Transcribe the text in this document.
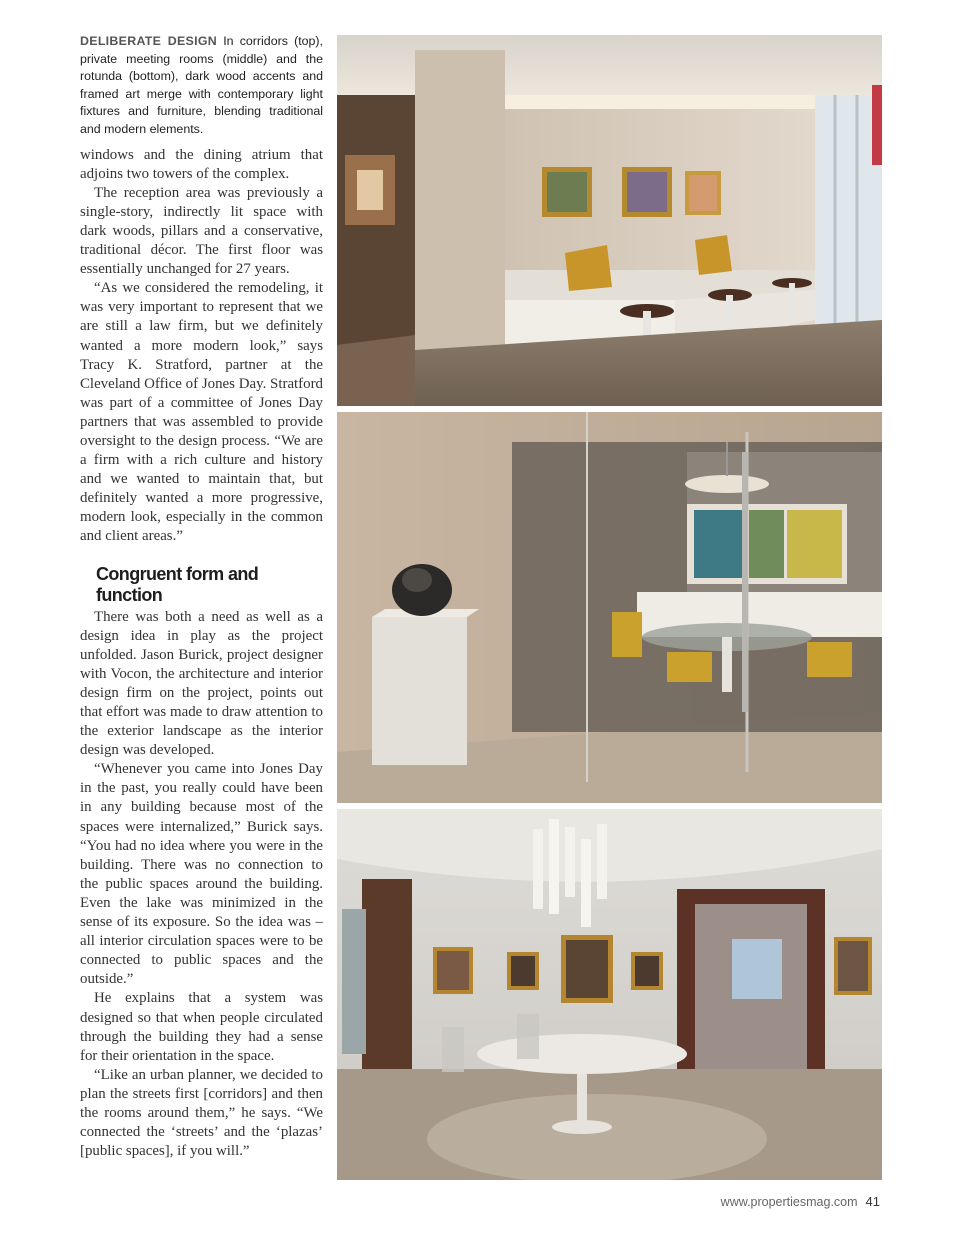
DELIBERATE DESIGN In corridors (top), private meeting rooms (middle) and the rotunda (bottom), dark wood accents and framed art merge with contemporary light fixtures and furniture, blending traditional and modern elements.

windows and the dining atrium that adjoins two towers of the complex.

The reception area was previously a single-story, indirectly lit space with dark woods, pillars and a conservative, traditional décor. The first floor was essentially unchanged for 27 years.

“As we considered the remodeling, it was very important to represent that we are still a law firm, but we definitely wanted a more modern look,” says Tracy K. Stratford, partner at the Cleveland Office of Jones Day. Stratford was part of a committee of Jones Day partners that was assembled to provide oversight to the design process. “We are a firm with a rich culture and history and we wanted to maintain that, but definitely wanted a more progressive, modern look, especially in the common and client areas.”

Congruent form and function

There was both a need as well as a design idea in play as the project unfolded. Jason Burick, project designer with Vocon, the architecture and interior design firm on the project, points out that effort was made to draw attention to the exterior landscape as the interior design was developed.

“Whenever you came into Jones Day in the past, you really could have been in any building because most of the spaces were internalized,” Burick says. “You had no idea where you were in the building. There was no connection to the public spaces around the building. Even the lake was minimized in the sense of its exposure. So the idea was – all interior circulation spaces were to be connected to public spaces and the outside.”

He explains that a system was designed so that when people circulated through the building they had a sense for their orientation in the space.

“Like an urban planner, we decided to plan the streets first [corridors] and then the rooms around them,” he says. “We connected the ‘streets’ and the ‘plazas’ [public spaces], if you will.”

www.propertiesmag.com 41
